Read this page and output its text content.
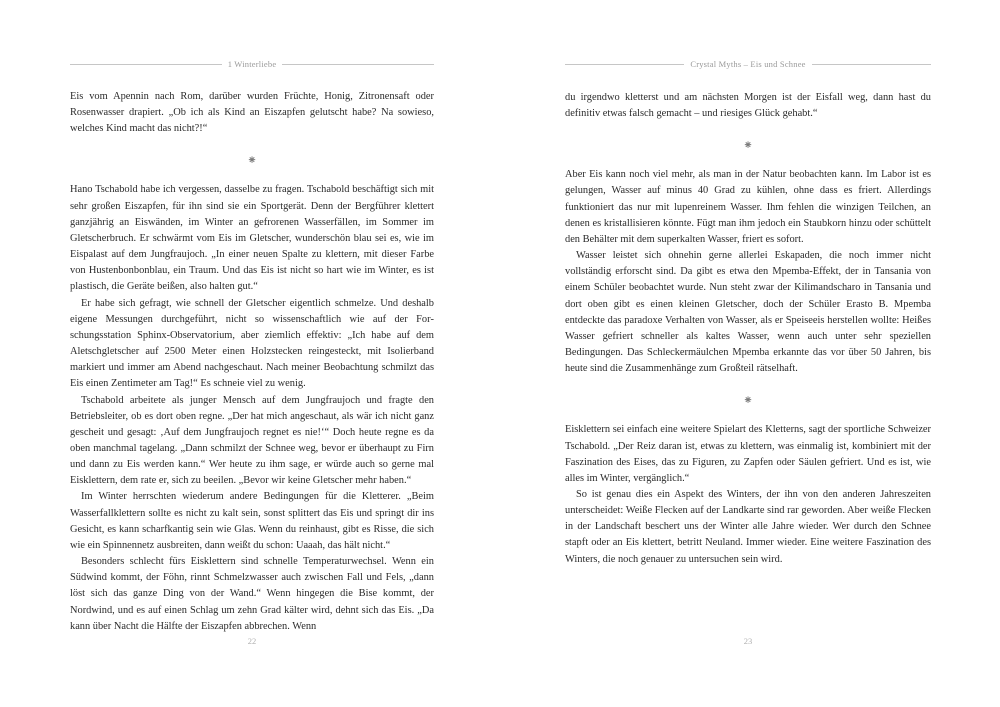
1 Winterliebe

Eis vom Apennin nach Rom, darüber wurden Früchte, Honig, Zitronensaft oder Rosenwasser drapiert. „Ob ich als Kind an Eiszapfen gelutscht habe? Na sowieso, welches Kind macht das nicht?!“

⁕

Hano Tschabold habe ich vergessen, dasselbe zu fragen. Tschabold beschäftigt sich mit sehr großen Eiszapfen, für ihn sind sie ein Sportgerät. Denn der Bergführer klettert ganzjährig an Eiswänden, im Winter an gefrorenen Wasserfällen, im Sommer im Gletscherbruch. Er schwärmt vom Eis im Gletscher, wunderschön blau sei es, wie im Eispalast auf dem Jungfraujoch. „In einer neuen Spalte zu klettern, mit dieser Farbe von Hustenbonbonblau, ein Traum. Und das Eis ist nicht so hart wie im Winter, es ist plastisch, die Geräte beißen, also halten gut.“

Er habe sich gefragt, wie schnell der Gletscher eigentlich schmelze. Und deshalb eigene Messungen durchgeführt, nicht so wissenschaftlich wie auf der Forschungsstation Sphinx-Observatorium, aber ziemlich effektiv: „Ich habe auf dem Aletschgletscher auf 2500 Meter einen Holzstecken reingesteckt, mit Isolierband markiert und immer am Abend nachgeschaut. Nach meiner Beobachtung schmilzt das Eis einen Zentimeter am Tag!“ Es schneie viel zu wenig.

Tschabold arbeitete als junger Mensch auf dem Jungfraujoch und fragte den Betriebsleiter, ob es dort oben regne. „Der hat mich angeschaut, als wär ich nicht ganz gescheit und gesagt: ‚Auf dem Jungfraujoch regnet es nie!‘“ Doch heute regne es da oben manchmal tagelang. „Dann schmilzt der Schnee weg, bevor er überhaupt zu Firn und dann zu Eis werden kann.“ Wer heute zu ihm sage, er würde auch so gerne mal Eisklettern, dem rate er, sich zu beeilen. „Bevor wir keine Gletscher mehr haben.“

Im Winter herrschten wiederum andere Bedingungen für die Kletterer. „Beim Wasserfallklettern sollte es nicht zu kalt sein, sonst splittert das Eis und springt dir ins Gesicht, es kann scharfkantig sein wie Glas. Wenn du reinhaust, gibt es Risse, die sich wie ein Spinnennetz ausbreiten, dann weißt du schon: Uaaah, das hält nicht.“

Besonders schlecht fürs Eisklettern sind schnelle Temperaturwechsel. Wenn ein Südwind kommt, der Föhn, rinnt Schmelzwasser auch zwischen Fall und Fels, „dann löst sich das ganze Ding von der Wand.“ Wenn hingegen die Bise kommt, der Nordwind, und es auf einen Schlag um zehn Grad kälter wird, dehnt sich das Eis. „Da kann über Nacht die Hälfte der Eiszapfen abbrechen. Wenn

22
Crystal Myths – Eis und Schnee

du irgendwo kletterst und am nächsten Morgen ist der Eisfall weg, dann hast du definitiv etwas falsch gemacht – und riesiges Glück gehabt.“

⁕

Aber Eis kann noch viel mehr, als man in der Natur beobachten kann. Im Labor ist es gelungen, Wasser auf minus 40 Grad zu kühlen, ohne dass es friert. Allerdings funktioniert das nur mit lupenreinem Wasser. Ihm fehlen die winzigen Teilchen, an denen es kristallisieren könnte. Fügt man ihm jedoch ein Staubkorn hinzu oder schüttelt den Behälter mit dem superkalten Wasser, friert es sofort.

Wasser leistet sich ohnehin gerne allerlei Eskapaden, die noch immer nicht vollständig erforscht sind. Da gibt es etwa den Mpemba-Effekt, der in Tansania von einem Schüler beobachtet wurde. Nun steht zwar der Kilimandscharo in Tansania und dort oben gibt es einen kleinen Gletscher, doch der Schüler Erasto B. Mpemba entdeckte das paradoxe Verhalten von Wasser, als er Speiseeis herstellen wollte: Heißes Wasser gefriert schneller als kaltes Wasser, wenn auch unter sehr speziellen Bedingungen. Das Schleckermäulchen Mpemba erkannte das vor über 50 Jahren, bis heute sind die Zusammenhänge zum Großteil rätselhaft.

⁕

Eisklettern sei einfach eine weitere Spielart des Kletterns, sagt der sportliche Schweizer Tschabold. „Der Reiz daran ist, etwas zu klettern, was einmalig ist, kombiniert mit der Faszination des Eises, das zu Figuren, zu Zapfen oder Säulen gefriert. Und es ist, wie alles im Winter, vergänglich.“

So ist genau dies ein Aspekt des Winters, der ihn von den anderen Jahreszeiten unterscheidet: Weiße Flecken auf der Landkarte sind rar geworden. Aber weiße Flecken in der Landschaft beschert uns der Winter alle Jahre wieder. Wer durch den Schnee stapft oder an Eis klettert, betritt Neuland. Immer wieder. Eine weitere Faszination des Winters, die noch genauer zu untersuchen sein wird.

23
